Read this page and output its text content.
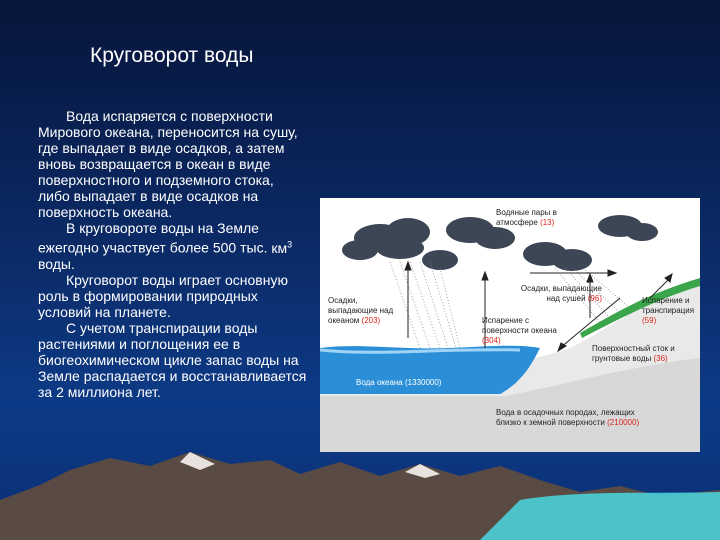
Круговорот воды

Вода испаряется с поверхности Мирового океана, переносится на сушу, где выпадает в виде осадков, а затем вновь возвращается в океан в виде поверхностного и подземного стока, либо выпадает в виде осадков на поверхность океана.

В круговороте воды на Земле ежегодно участвует более 500 тыс. $км^3$ воды.

Круговорот воды играет основную роль в формировании природных условий на планете.

С учетом транспирации воды растениями и поглощения ее в биогеохимическом цикле запас воды на Земле распадается и восстанавливается за 2 миллиона лет.

Водяные пары в атмосфере (13)
Осадки, выпадающие над сушей (96)
Осадки, выпадающие над океаном (203)
Испарение и транспирация (59)
Испарение с поверхности океана (304)
Поверхностный сток и грунтовые воды (36)
Вода океана (1330000)
Вода в осадочных породах, лежащих близко к земной поверхности (210000)
